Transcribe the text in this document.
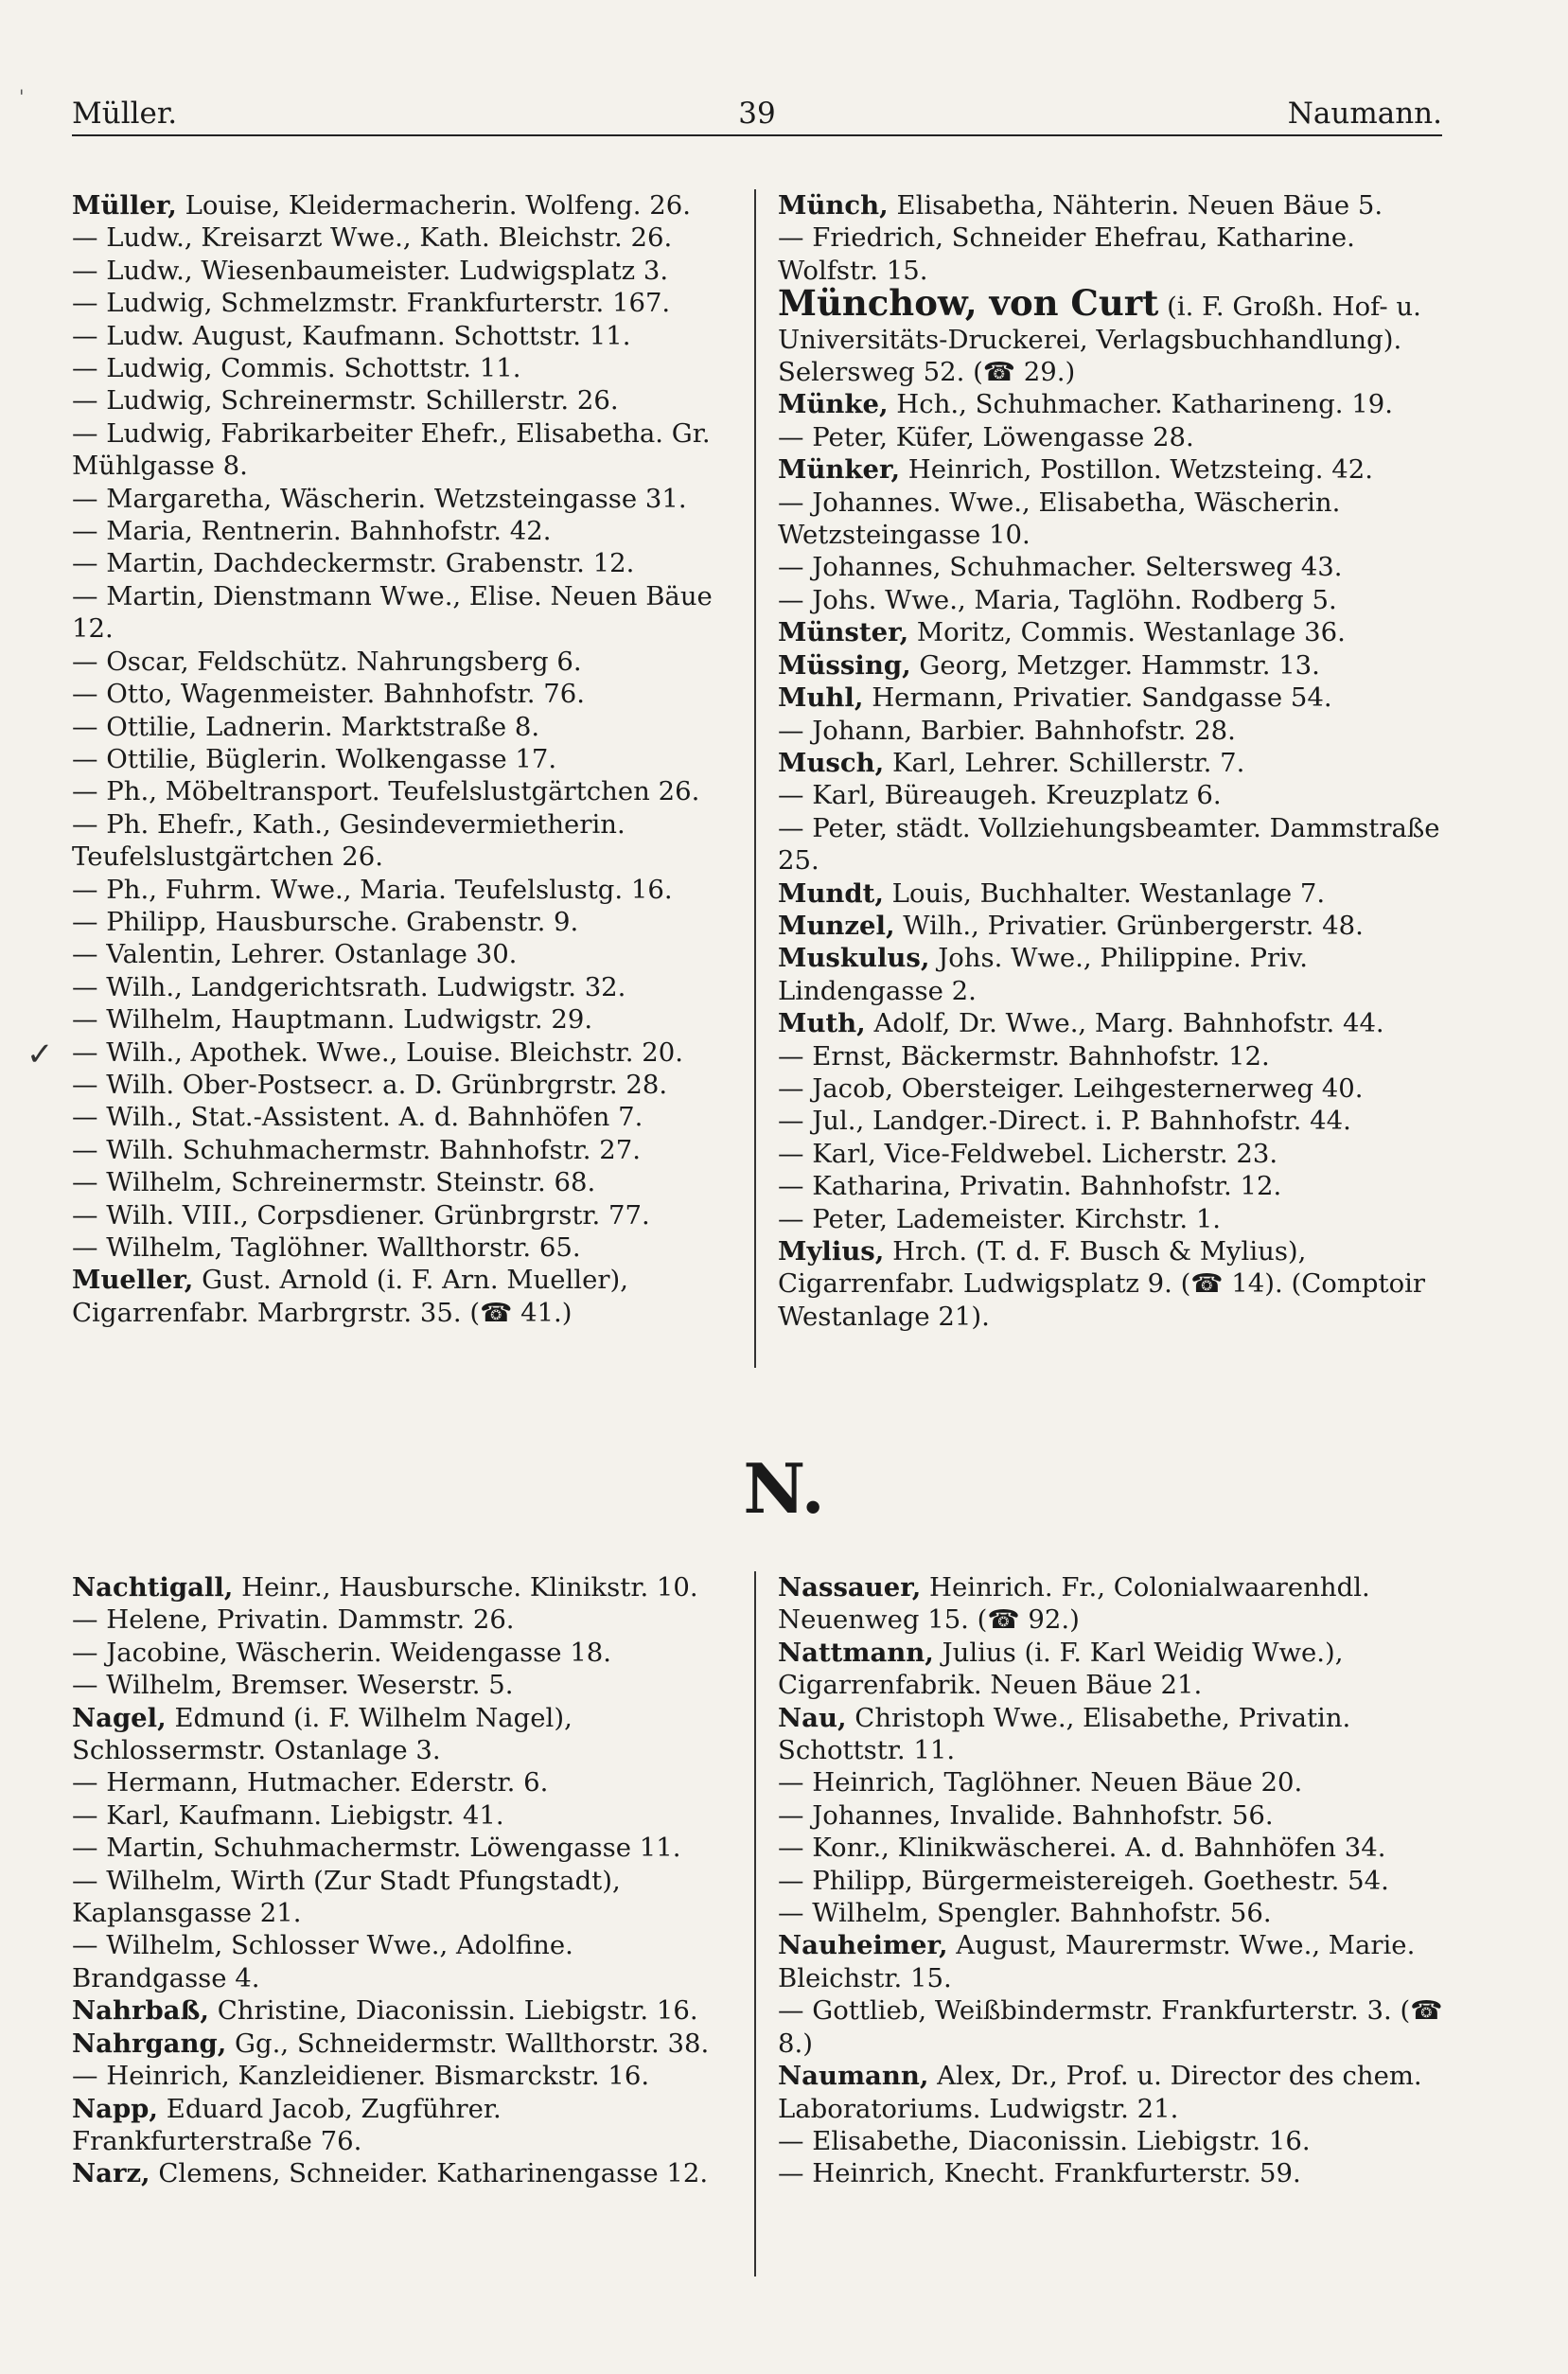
' Müller.	39	Naumann.
✓

Müller, Louise, Kleidermacherin. Wolfeng. 26.

— Ludw., Kreisarzt Wwe., Kath. Bleichstr. 26.

— Ludw., Wiesenbaumeister. Ludwigsplatz 3.

— Ludwig, Schmelzmstr. Frankfurterstr. 167.

— Ludw. August, Kaufmann. Schottstr. 11.

— Ludwig, Commis. Schottstr. 11.

— Ludwig, Schreinermstr. Schillerstr. 26.

— Ludwig, Fabrikarbeiter Ehefr., Elisabetha. Gr. Mühlgasse 8.

— Margaretha, Wäscherin. Wetzsteingasse 31.

— Maria, Rentnerin. Bahnhofstr. 42.

— Martin, Dachdeckermstr. Grabenstr. 12.

— Martin, Dienstmann Wwe., Elise. Neuen Bäue 12.

— Oscar, Feldschütz. Nahrungsberg 6.

— Otto, Wagenmeister. Bahnhofstr. 76.

— Ottilie, Ladnerin. Marktstraße 8.

— Ottilie, Büglerin. Wolkengasse 17.

— Ph., Möbeltransport. Teufelslustgärtchen 26.

— Ph. Ehefr., Kath., Gesindevermietherin. Teufelslustgärtchen 26.

— Ph., Fuhrm. Wwe., Maria. Teufelslustg. 16.

— Philipp, Hausbursche. Grabenstr. 9.

— Valentin, Lehrer. Ostanlage 30.

— Wilh., Landgerichtsrath. Ludwigstr. 32.

— Wilhelm, Hauptmann. Ludwigstr. 29.

— Wilh., Apothek. Wwe., Louise. Bleichstr. 20.

— Wilh. Ober-Postsecr. a. D. Grünbrgrstr. 28.

— Wilh., Stat.-Assistent. A. d. Bahnhöfen 7.

— Wilh. Schuhmachermstr. Bahnhofstr. 27.

— Wilhelm, Schreinermstr. Steinstr. 68.

— Wilh. VIII., Corpsdiener. Grünbrgrstr. 77.

— Wilhelm, Taglöhner. Wallthorstr. 65.

Mueller, Gust. Arnold (i. F. Arn. Mueller), Cigarrenfabr. Marbrgrstr. 35. (☎ 41.)

Münch, Elisabetha, Nähterin. Neuen Bäue 5.

— Friedrich, Schneider Ehefrau, Katharine. Wolfstr. 15.

Münchow, von Curt (i. F. Großh. Hof- u. Universitäts-Druckerei, Verlagsbuchhandlung). Selersweg 52. (☎ 29.)

Münke, Hch., Schuhmacher. Katharineng. 19.

— Peter, Küfer, Löwengasse 28.

Münker, Heinrich, Postillon. Wetzsteing. 42.

— Johannes. Wwe., Elisabetha, Wäscherin. Wetzsteingasse 10.

— Johannes, Schuhmacher. Seltersweg 43.

— Johs. Wwe., Maria, Taglöhn. Rodberg 5.

Münster, Moritz, Commis. Westanlage 36.

Müssing, Georg, Metzger. Hammstr. 13.

Muhl, Hermann, Privatier. Sandgasse 54.

— Johann, Barbier. Bahnhofstr. 28.

Musch, Karl, Lehrer. Schillerstr. 7.

— Karl, Büreaugeh. Kreuzplatz 6.

— Peter, städt. Vollziehungsbeamter. Dammstraße 25.

Mundt, Louis, Buchhalter. Westanlage 7.

Munzel, Wilh., Privatier. Grünbergerstr. 48.

Muskulus, Johs. Wwe., Philippine. Priv. Lindengasse 2.

Muth, Adolf, Dr. Wwe., Marg. Bahnhofstr. 44.

— Ernst, Bäckermstr. Bahnhofstr. 12.

— Jacob, Obersteiger. Leihgesternerweg 40.

— Jul., Landger.-Direct. i. P. Bahnhofstr. 44.

— Karl, Vice-Feldwebel. Licherstr. 23.

— Katharina, Privatin. Bahnhofstr. 12.

— Peter, Lademeister. Kirchstr. 1.

Mylius, Hrch. (T. d. F. Busch & Mylius), Cigarrenfabr. Ludwigsplatz 9. (☎ 14). (Comptoir Westanlage 21).

N.

Nachtigall, Heinr., Hausbursche. Klinikstr. 10.

— Helene, Privatin. Dammstr. 26.

— Jacobine, Wäscherin. Weidengasse 18.

— Wilhelm, Bremser. Weserstr. 5.

Nagel, Edmund (i. F. Wilhelm Nagel), Schlossermstr. Ostanlage 3.

— Hermann, Hutmacher. Ederstr. 6.

— Karl, Kaufmann. Liebigstr. 41.

— Martin, Schuhmachermstr. Löwengasse 11.

— Wilhelm, Wirth (Zur Stadt Pfungstadt), Kaplansgasse 21.

— Wilhelm, Schlosser Wwe., Adolfine. Brandgasse 4.

Nahrbaß, Christine, Diaconissin. Liebigstr. 16.

Nahrgang, Gg., Schneidermstr. Wallthorstr. 38.

— Heinrich, Kanzleidiener. Bismarckstr. 16.

Napp, Eduard Jacob, Zugführer. Frankfurterstraße 76.

Narz, Clemens, Schneider. Katharinengasse 12.

Nassauer, Heinrich. Fr., Colonialwaarenhdl. Neuenweg 15. (☎ 92.)

Nattmann, Julius (i. F. Karl Weidig Wwe.), Cigarrenfabrik. Neuen Bäue 21.

Nau, Christoph Wwe., Elisabethe, Privatin. Schottstr. 11.

— Heinrich, Taglöhner. Neuen Bäue 20.

— Johannes, Invalide. Bahnhofstr. 56.

— Konr., Klinikwäscherei. A. d. Bahnhöfen 34.

— Philipp, Bürgermeistereigeh. Goethestr. 54.

— Wilhelm, Spengler. Bahnhofstr. 56.

Nauheimer, August, Maurermstr. Wwe., Marie. Bleichstr. 15.

— Gottlieb, Weißbindermstr. Frankfurterstr. 3. (☎ 8.)

Naumann, Alex, Dr., Prof. u. Director des chem. Laboratoriums. Ludwigstr. 21.

— Elisabethe, Diaconissin. Liebigstr. 16.

— Heinrich, Knecht. Frankfurterstr. 59.
